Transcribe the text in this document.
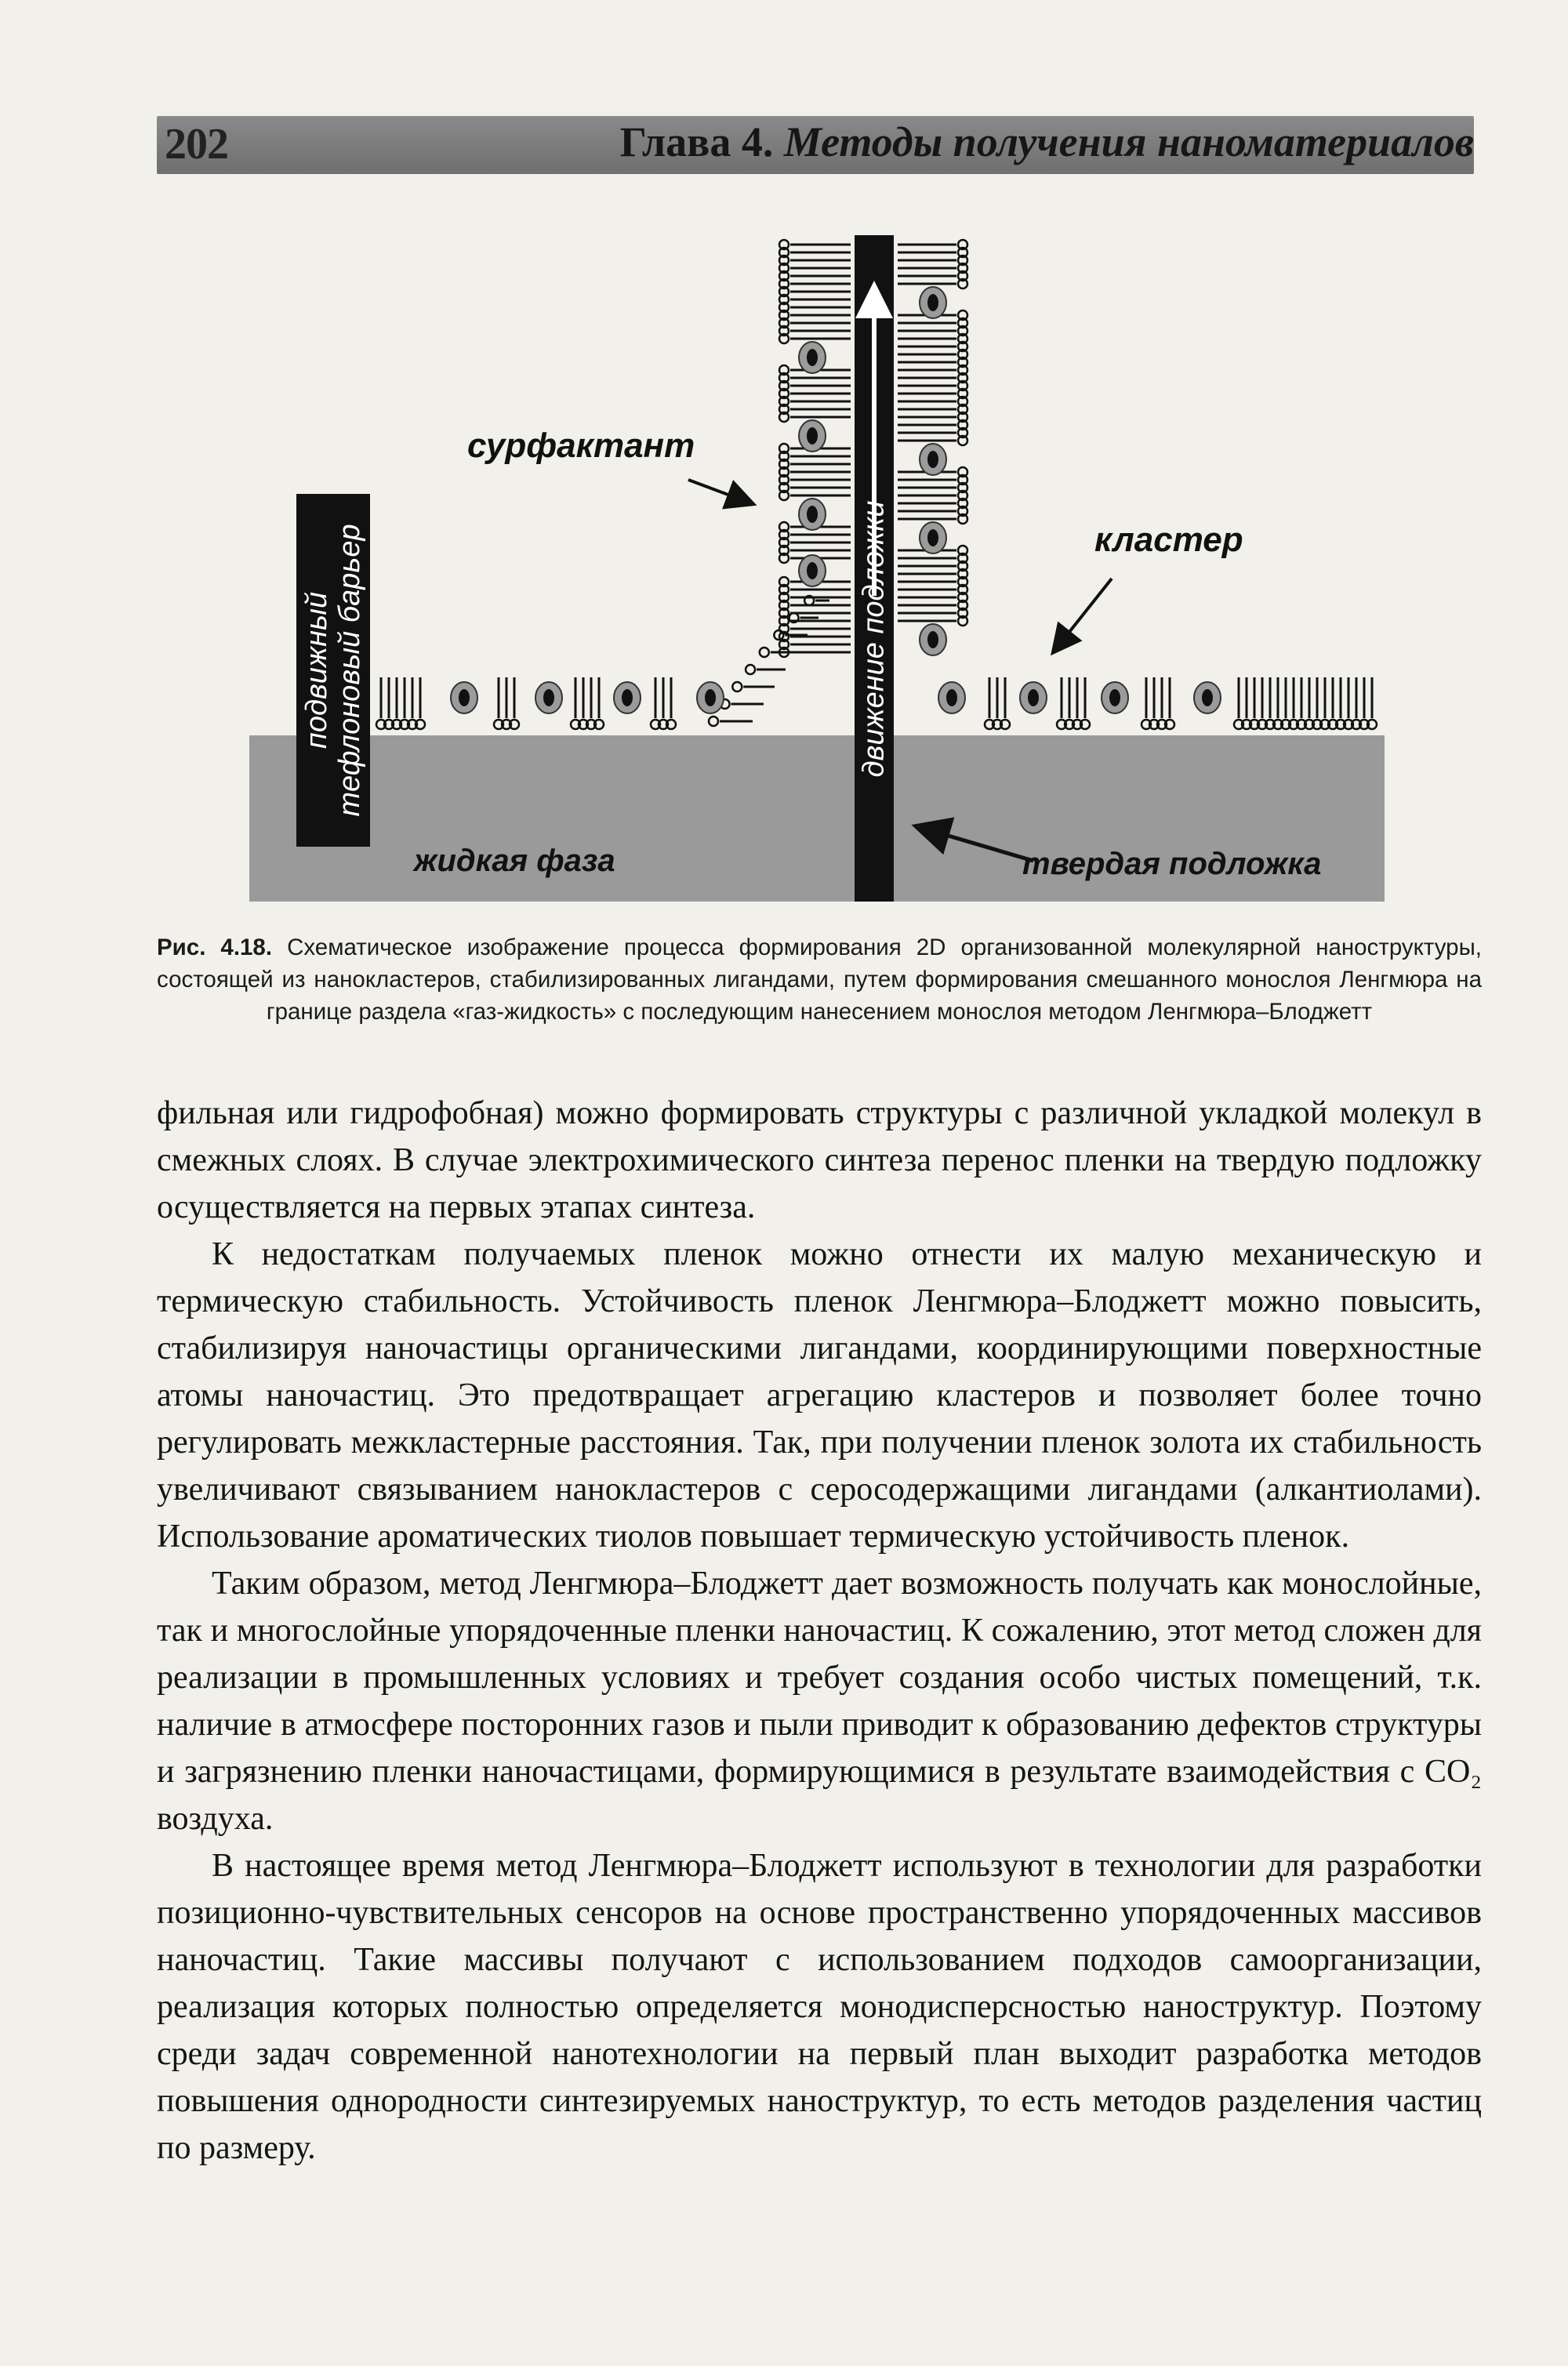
202	Глава 4. Методы получения наноматериалов
подвижный тефлоновый барьер	движение подложки
сурфактант
кластер
жидкая фаза	твердая подложка
Рис. 4.18. Схематическое изображение процесса формирования 2D организованной молекулярной наноструктуры, состоящей из нанокластеров, стабилизированных лигандами, путем формирования смешанного монослоя Ленгмюра на границе раздела «газ-жидкость» с последующим нанесением монослоя методом Ленгмюра–Блоджетт

фильная или гидрофобная) можно формировать структуры с различной укладкой молекул в смежных слоях. В случае электрохимического синтеза перенос пленки на твердую подложку осуществляется на первых этапах синтеза.

К недостаткам получаемых пленок можно отнести их малую механическую и термическую стабильность. Устойчивость пленок Ленгмюра–Блоджетт можно повысить, стабилизируя наночастицы органическими лигандами, координирующими поверхностные атомы наночастиц. Это предотвращает агрегацию кластеров и позволяет более точно регулировать межкластерные расстояния. Так, при получении пленок золота их стабильность увеличивают связыванием нанокластеров с серосодержащими лигандами (алкантиолами). Использование ароматических тиолов повышает термическую устойчивость пленок.

Таким образом, метод Ленгмюра–Блоджетт дает возможность получать как монослойные, так и многослойные упорядоченные пленки наночастиц. К сожалению, этот метод сложен для реализации в промышленных условиях и требует создания особо чистых помещений, т.к. наличие в атмосфере посторонних газов и пыли приводит к образованию дефектов структуры и загрязнению пленки наночастицами, формирующимися в результате взаимодействия с CO₂ воздуха.

В настоящее время метод Ленгмюра–Блоджетт используют в технологии для разработки позиционно-чувствительных сенсоров на основе пространственно упорядоченных массивов наночастиц. Такие массивы получают с использованием подходов самоорганизации, реализация которых полностью определяется монодисперсностью наноструктур. Поэтому среди задач современной нанотехнологии на первый план выходит разработка методов повышения однородности синтезируемых наноструктур, то есть методов разделения частиц по размеру.
